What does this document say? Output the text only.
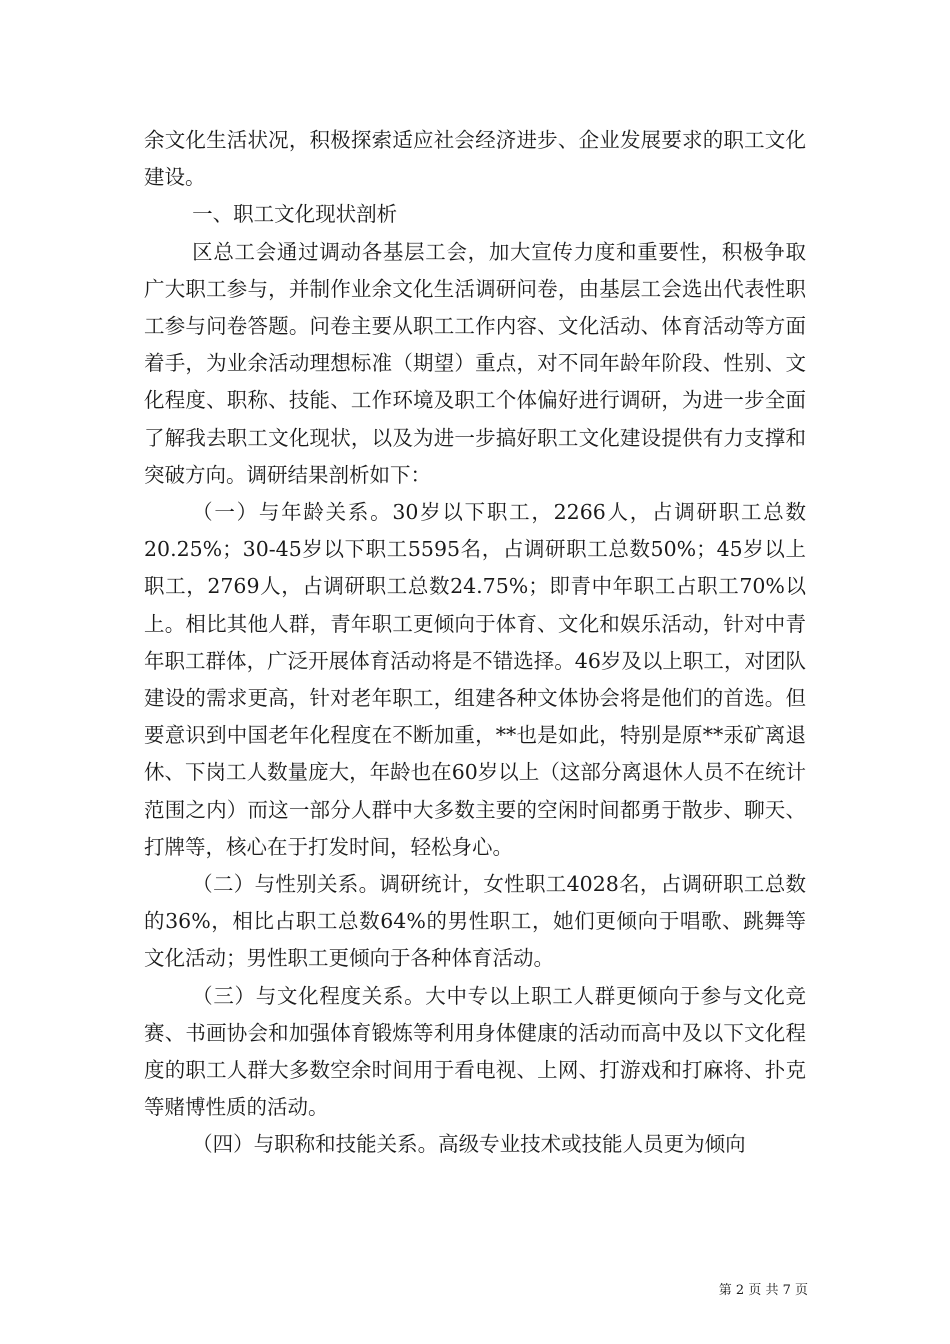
余文化生活状况，积极探索适应社会经济进步、企业发展要求的职工文化建设。

一、职工文化现状剖析

区总工会通过调动各基层工会，加大宣传力度和重要性，积极争取广大职工参与，并制作业余文化生活调研问卷，由基层工会选出代表性职工参与问卷答题。问卷主要从职工工作内容、文化活动、体育活动等方面着手，为业余活动理想标准（期望）重点，对不同年龄年阶段、性别、文化程度、职称、技能、工作环境及职工个体偏好进行调研，为进一步全面了解我去职工文化现状，以及为进一步搞好职工文化建设提供有力支撑和突破方向。调研结果剖析如下：

（一）与年龄关系。30岁以下职工，2266人，占调研职工总数20.25%；30-45岁以下职工5595名，占调研职工总数50%；45岁以上职工，2769人，占调研职工总数24.75%；即青中年职工占职工70%以上。相比其他人群，青年职工更倾向于体育、文化和娱乐活动，针对中青年职工群体，广泛开展体育活动将是不错选择。46岁及以上职工，对团队建设的需求更高，针对老年职工，组建各种文体协会将是他们的首选。但要意识到中国老年化程度在不断加重，**也是如此，特别是原**汞矿离退休、下岗工人数量庞大，年龄也在60岁以上（这部分离退休人员不在统计范围之内）而这一部分人群中大多数主要的空闲时间都勇于散步、聊天、打牌等，核心在于打发时间，轻松身心。

（二）与性别关系。调研统计，女性职工4028名，占调研职工总数的36%，相比占职工总数64%的男性职工，她们更倾向于唱歌、跳舞等文化活动；男性职工更倾向于各种体育活动。

（三）与文化程度关系。大中专以上职工人群更倾向于参与文化竞赛、书画协会和加强体育锻炼等利用身体健康的活动而高中及以下文化程度的职工人群大多数空余时间用于看电视、上网、打游戏和打麻将、扑克等赌博性质的活动。

（四）与职称和技能关系。高级专业技术或技能人员更为倾向

第 2 页 共 7 页
